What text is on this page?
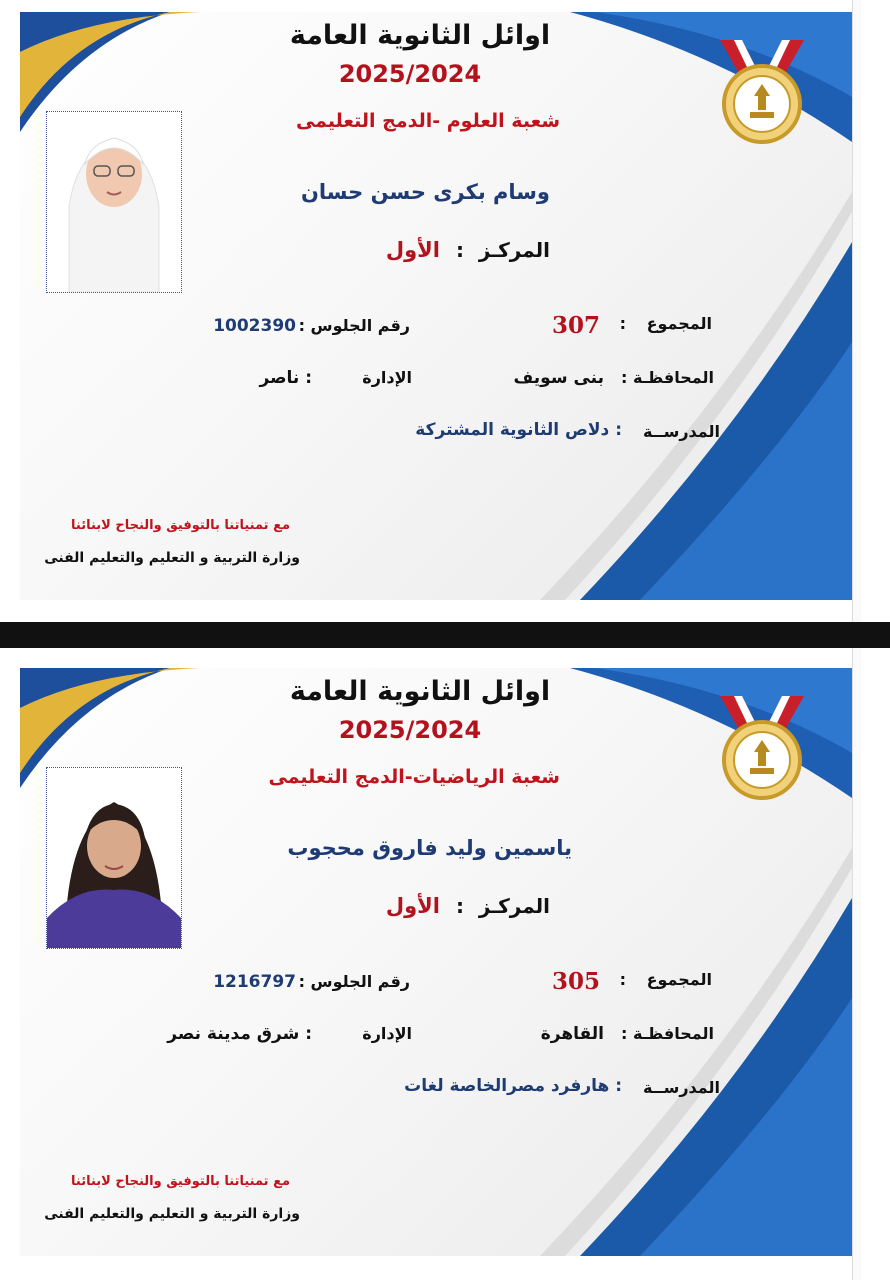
اوائل الثانوية العامة
2025/2024
شعبة العلوم -الدمج التعليمى
وسام بكرى حسن حسان
المركـز
:
الأول
المجموع
:
307
رقم الجلوس :
1002390
المحافظـة :
بنى سويف
الإدارة
: ناصر
المدرســة
: دلاص الثانوية المشتركة
مع تمنياتنا بالتوفيق والنجاح لابنائنا
وزارة التربية و التعليم والتعليم الفنى
اوائل الثانوية العامة
2025/2024
شعبة الرياضيات-الدمج التعليمى
ياسمين وليد فاروق محجوب
المركـز
:
الأول
المجموع
:
305
رقم الجلوس :
1216797
المحافظـة :
القاهرة
الإدارة
: شرق مدينة نصر
المدرســة
: هارفرد مصرالخاصة لغات
مع تمنياتنا بالتوفيق والنجاح لابنائنا
وزارة التربية و التعليم والتعليم الفنى
